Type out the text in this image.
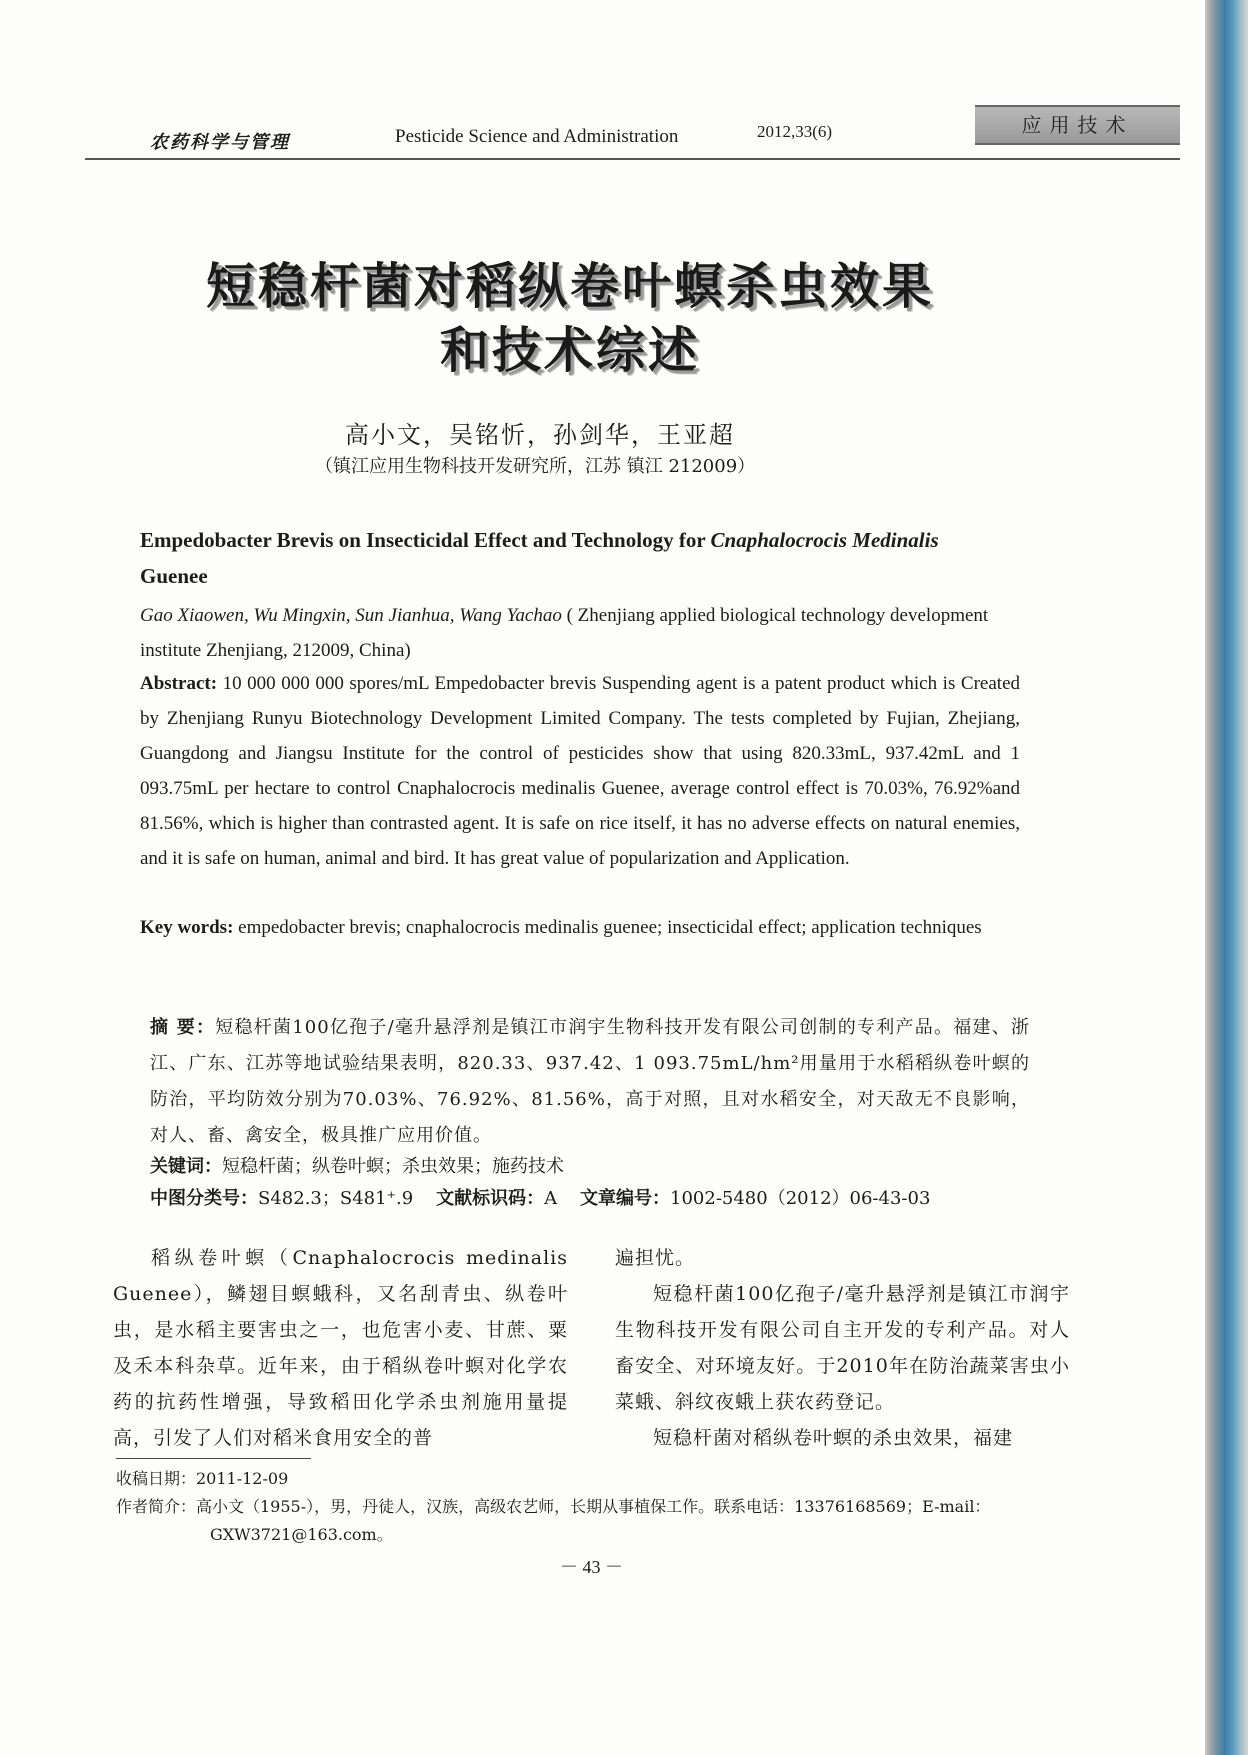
农药科学与管理	Pesticide Science and Administration	2012,33(6)	应用技术
短稳杆菌对稻纵卷叶螟杀虫效果
和技术综述
高小文，吴铭忻，孙剑华，王亚超
（镇江应用生物科技开发研究所，江苏 镇江 212009）
Empedobacter Brevis on Insecticidal Effect and Technology for Cnaphalocrocis Medinalis
Guenee
Gao Xiaowen, Wu Mingxin, Sun Jianhua, Wang Yachao ( Zhenjiang applied biological technology development institute Zhenjiang, 212009, China)
Abstract: 10 000 000 000 spores/mL Empedobacter brevis Suspending agent is a patent product which is Created by Zhenjiang Runyu Biotechnology Development Limited Company. The tests completed by Fujian, Zhejiang, Guangdong and Jiangsu Institute for the control of pesticides show that using 820.33mL, 937.42mL and 1 093.75mL per hectare to control Cnaphalocrocis medinalis Guenee, average control effect is 70.03%, 76.92%and 81.56%, which is higher than contrasted agent. It is safe on rice itself, it has no adverse effects on natural enemies, and it is safe on human, animal and bird. It has great value of popularization and Application.
Key words: empedobacter brevis; cnaphalocrocis medinalis guenee; insecticidal effect; application techniques
摘 要：短稳杆菌100亿孢子/毫升悬浮剂是镇江市润宇生物科技开发有限公司创制的专利产品。福建、浙江、广东、江苏等地试验结果表明，820.33、937.42、1 093.75mL/hm²用量用于水稻稻纵卷叶螟的防治，平均防效分别为70.03%、76.92%、81.56%，高于对照，且对水稻安全，对天敌无不良影响，对人、畜、禽安全，极具推广应用价值。
关键词：短稳杆菌；纵卷叶螟；杀虫效果；施药技术
中图分类号：S482.3；S481⁺.9 文献标识码：A 文章编号：1002-5480（2012）06-43-03

稻纵卷叶螟（Cnaphalocrocis medinalis Guenee），鳞翅目螟蛾科，又名刮青虫、纵卷叶虫，是水稻主要害虫之一，也危害小麦、甘蔗、粟及禾本科杂草。近年来，由于稻纵卷叶螟对化学农药的抗药性增强，导致稻田化学杀虫剂施用量提高，引发了人们对稻米食用安全的普

遍担忧。

短稳杆菌100亿孢子/毫升悬浮剂是镇江市润宇生物科技开发有限公司自主开发的专利产品。对人畜安全、对环境友好。于2010年在防治蔬菜害虫小菜蛾、斜纹夜蛾上获农药登记。

短稳杆菌对稻纵卷叶螟的杀虫效果，福建

收稿日期：2011-12-09
作者简介：高小文（1955-），男，丹徒人，汉族，高级农艺师，长期从事植保工作。联系电话：13376168569；E-mail：
GXW3721@163.com。
－ 43 －
